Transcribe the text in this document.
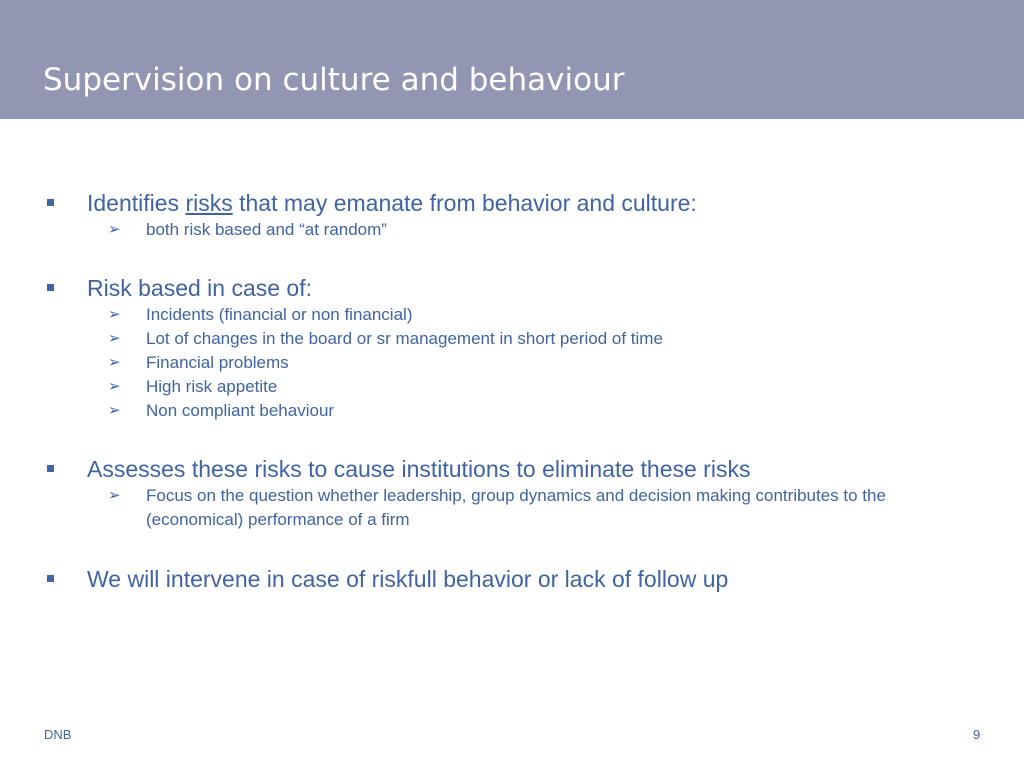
Supervision on culture and behaviour
Identifies risks that may emanate from behavior and culture:
➢ both risk based and “at random”
Risk based in case of:
➢ Incidents (financial or non financial)
➢ Lot of changes in the board or sr management in short period of time
➢ Financial problems
➢ High risk appetite
➢ Non compliant behaviour
Assesses these risks to cause institutions to eliminate these risks
➢ Focus on the question whether leadership, group dynamics and decision making contributes to the (economical) performance of a firm
We will intervene in case of riskfull behavior or lack of follow up
DNB	9
